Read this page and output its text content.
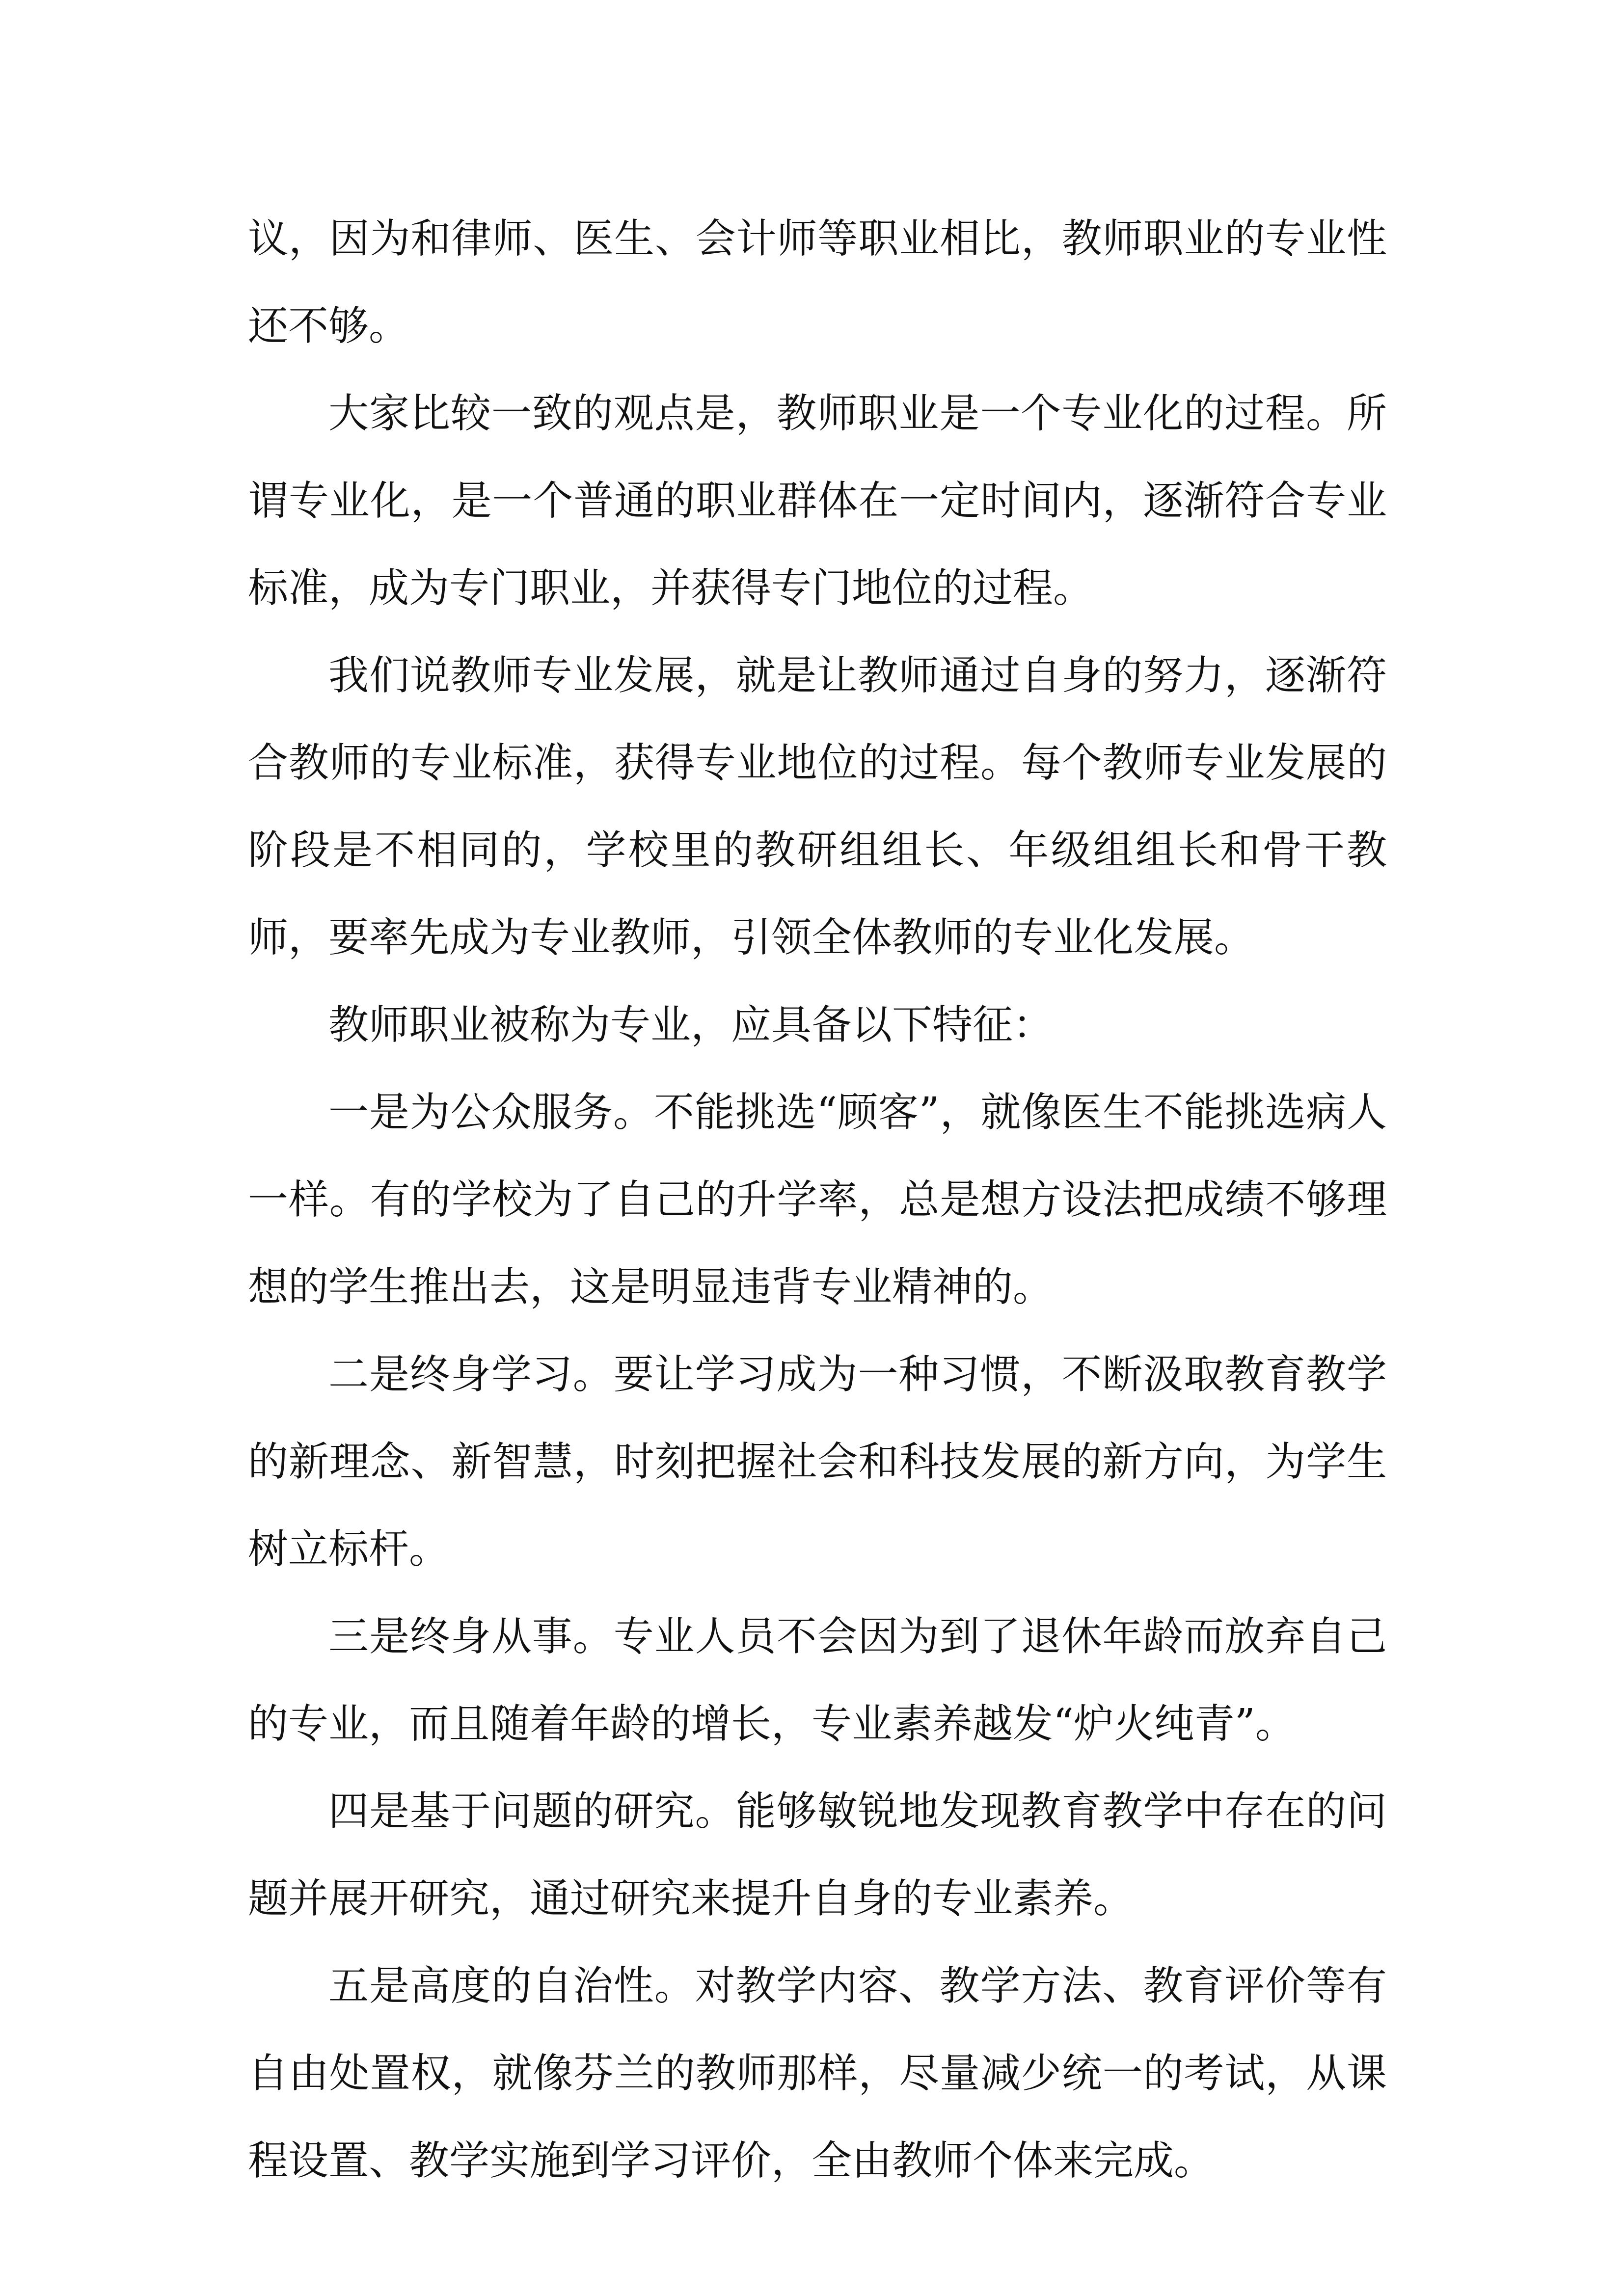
议，因为和律师、医生、会计师等职业相比，教师职业的专业性还不够。

大家比较一致的观点是，教师职业是一个专业化的过程。所谓专业化，是一个普通的职业群体在一定时间内，逐渐符合专业标准，成为专门职业，并获得专门地位的过程。

我们说教师专业发展，就是让教师通过自身的努力，逐渐符合教师的专业标准，获得专业地位的过程。每个教师专业发展的阶段是不相同的，学校里的教研组组长、年级组组长和骨干教师，要率先成为专业教师，引领全体教师的专业化发展。

教师职业被称为专业，应具备以下特征：

一是为公众服务。不能挑选“顾客”，就像医生不能挑选病人一样。有的学校为了自己的升学率，总是想方设法把成绩不够理想的学生推出去，这是明显违背专业精神的。

二是终身学习。要让学习成为一种习惯，不断汲取教育教学的新理念、新智慧，时刻把握社会和科技发展的新方向，为学生树立标杆。

三是终身从事。专业人员不会因为到了退休年龄而放弃自己的专业，而且随着年龄的增长，专业素养越发“炉火纯青”。

四是基于问题的研究。能够敏锐地发现教育教学中存在的问题并展开研究，通过研究来提升自身的专业素养。

五是高度的自治性。对教学内容、教学方法、教育评价等有自由处置权，就像芬兰的教师那样，尽量减少统一的考试，从课程设置、教学实施到学习评价，全由教师个体来完成。
